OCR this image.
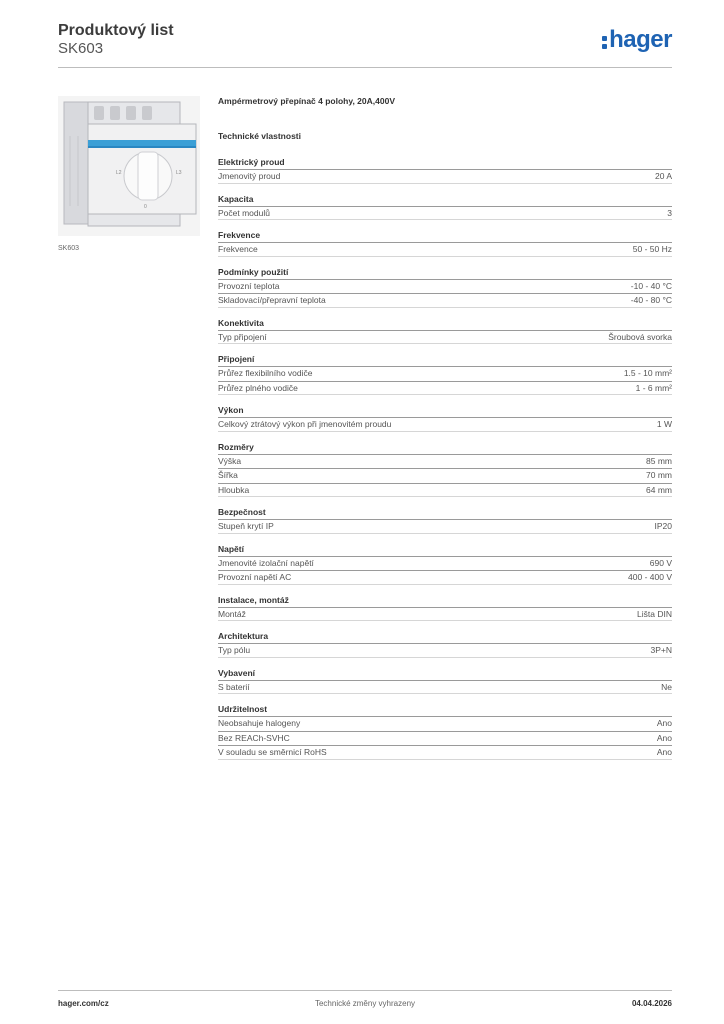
Produktový list
SK603	hager
L2	L3
0
SK603
Ampérmetrový přepínač 4 polohy, 20A,400V
Technické vlastnosti
Elektrický proud
Jmenovitý proud	20 A
Kapacita
Počet modulů	3
Frekvence
Frekvence	50 - 50 Hz
Podmínky použití
Provozní teplota	-10 - 40 °C
Skladovací/přepravní teplota	-40 - 80 °C
Konektivita
Typ připojení	Šroubová svorka
Připojení
Průřez flexibilního vodiče	1.5 - 10 mm²
Průřez plného vodiče	1 - 6 mm²
Výkon
Celkový ztrátový výkon při jmenovitém proudu	1 W
Rozměry
Výška	85 mm
Šířka	70 mm
Hloubka	64 mm
Bezpečnost
Stupeň krytí IP	IP20
Napětí
Jmenovité izolační napětí	690 V
Provozní napětí AC	400 - 400 V
Instalace, montáž
Montáž	Lišta DIN
Architektura
Typ pólu	3P+N
Vybavení
S baterií	Ne
Udržitelnost
Neobsahuje halogeny	Ano
Bez REACh-SVHC	Ano
V souladu se směrnicí RoHS	Ano
hager.com/cz	Technické změny vyhrazeny	04.04.2026
